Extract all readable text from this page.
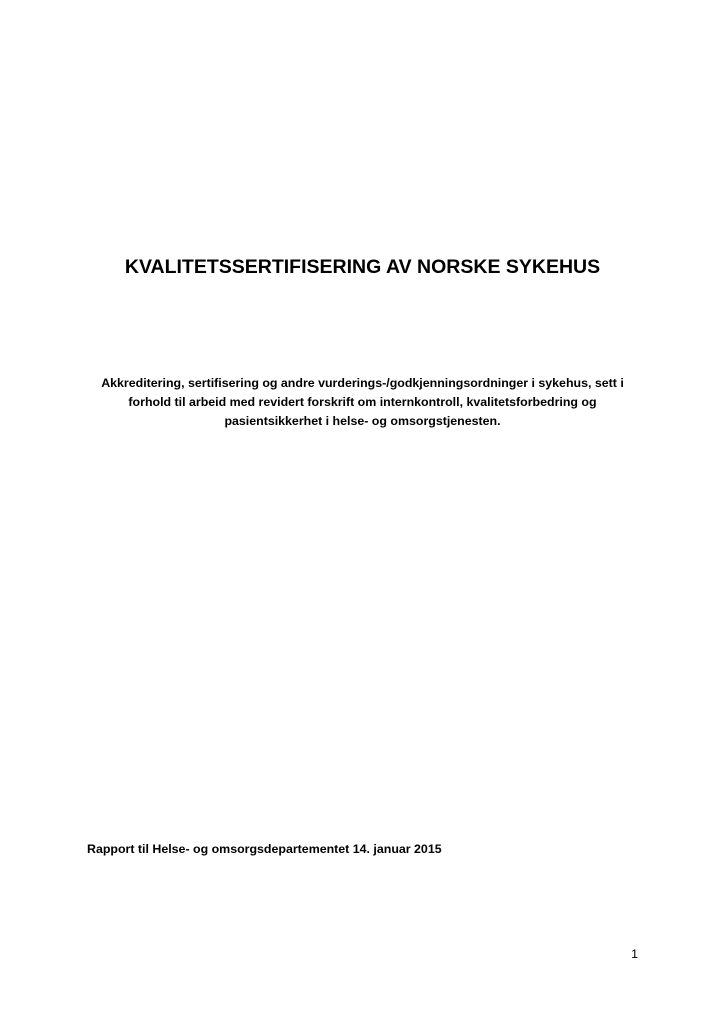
KVALITETSSERTIFISERING AV NORSKE SYKEHUS

Akkreditering, sertifisering og andre vurderings-/godkjenningsordninger i sykehus, sett i forhold til arbeid med revidert forskrift om internkontroll, kvalitetsforbedring og pasientsikkerhet i helse- og omsorgstjenesten.

Rapport til Helse- og omsorgsdepartementet 14. januar 2015

1
